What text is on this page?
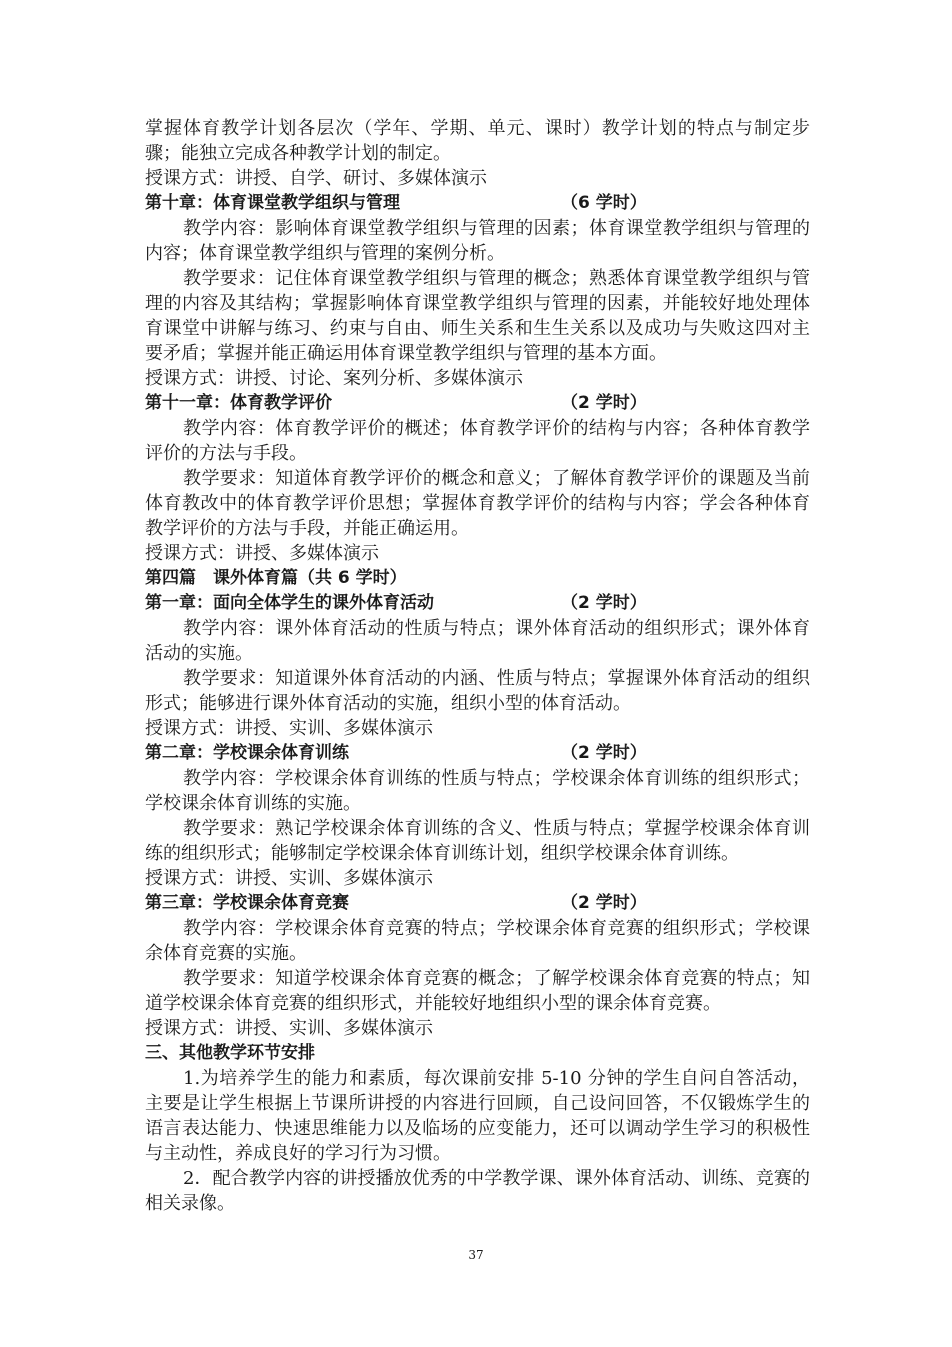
掌握体育教学计划各层次（学年、学期、单元、课时）教学计划的特点与制定步骤；能独立完成各种教学计划的制定。

授课方式：讲授、自学、研讨、多媒体演示

第十章：体育课堂教学组织与管理	（6 学时）

教学内容：影响体育课堂教学组织与管理的因素；体育课堂教学组织与管理的内容；体育课堂教学组织与管理的案例分析。

教学要求：记住体育课堂教学组织与管理的概念；熟悉体育课堂教学组织与管理的内容及其结构；掌握影响体育课堂教学组织与管理的因素，并能较好地处理体育课堂中讲解与练习、约束与自由、师生关系和生生关系以及成功与失败这四对主要矛盾；掌握并能正确运用体育课堂教学组织与管理的基本方面。

授课方式：讲授、讨论、案列分析、多媒体演示

第十一章：体育教学评价	（2 学时）

教学内容：体育教学评价的概述；体育教学评价的结构与内容；各种体育教学评价的方法与手段。

教学要求：知道体育教学评价的概念和意义；了解体育教学评价的课题及当前体育教改中的体育教学评价思想；掌握体育教学评价的结构与内容；学会各种体育教学评价的方法与手段，并能正确运用。

授课方式：讲授、多媒体演示

第四篇　课外体育篇（共 6 学时）

第一章：面向全体学生的课外体育活动	（2 学时）

教学内容：课外体育活动的性质与特点；课外体育活动的组织形式；课外体育活动的实施。

教学要求：知道课外体育活动的内涵、性质与特点；掌握课外体育活动的组织形式；能够进行课外体育活动的实施，组织小型的体育活动。

授课方式：讲授、实训、多媒体演示

第二章：学校课余体育训练	（2 学时）

教学内容：学校课余体育训练的性质与特点；学校课余体育训练的组织形式；学校课余体育训练的实施。

教学要求：熟记学校课余体育训练的含义、性质与特点；掌握学校课余体育训练的组织形式；能够制定学校课余体育训练计划，组织学校课余体育训练。

授课方式：讲授、实训、多媒体演示

第三章：学校课余体育竞赛	（2 学时）

教学内容：学校课余体育竞赛的特点；学校课余体育竞赛的组织形式；学校课余体育竞赛的实施。

教学要求：知道学校课余体育竞赛的概念；了解学校课余体育竞赛的特点；知道学校课余体育竞赛的组织形式，并能较好地组织小型的课余体育竞赛。

授课方式：讲授、实训、多媒体演示

三、其他教学环节安排

1.为培养学生的能力和素质，每次课前安排 5-10 分钟的学生自问自答活动，主要是让学生根据上节课所讲授的内容进行回顾，自己设问回答，不仅锻炼学生的语言表达能力、快速思维能力以及临场的应变能力，还可以调动学生学习的积极性与主动性，养成良好的学习行为习惯。

2．配合教学内容的讲授播放优秀的中学教学课、课外体育活动、训练、竞赛的相关录像。

37
